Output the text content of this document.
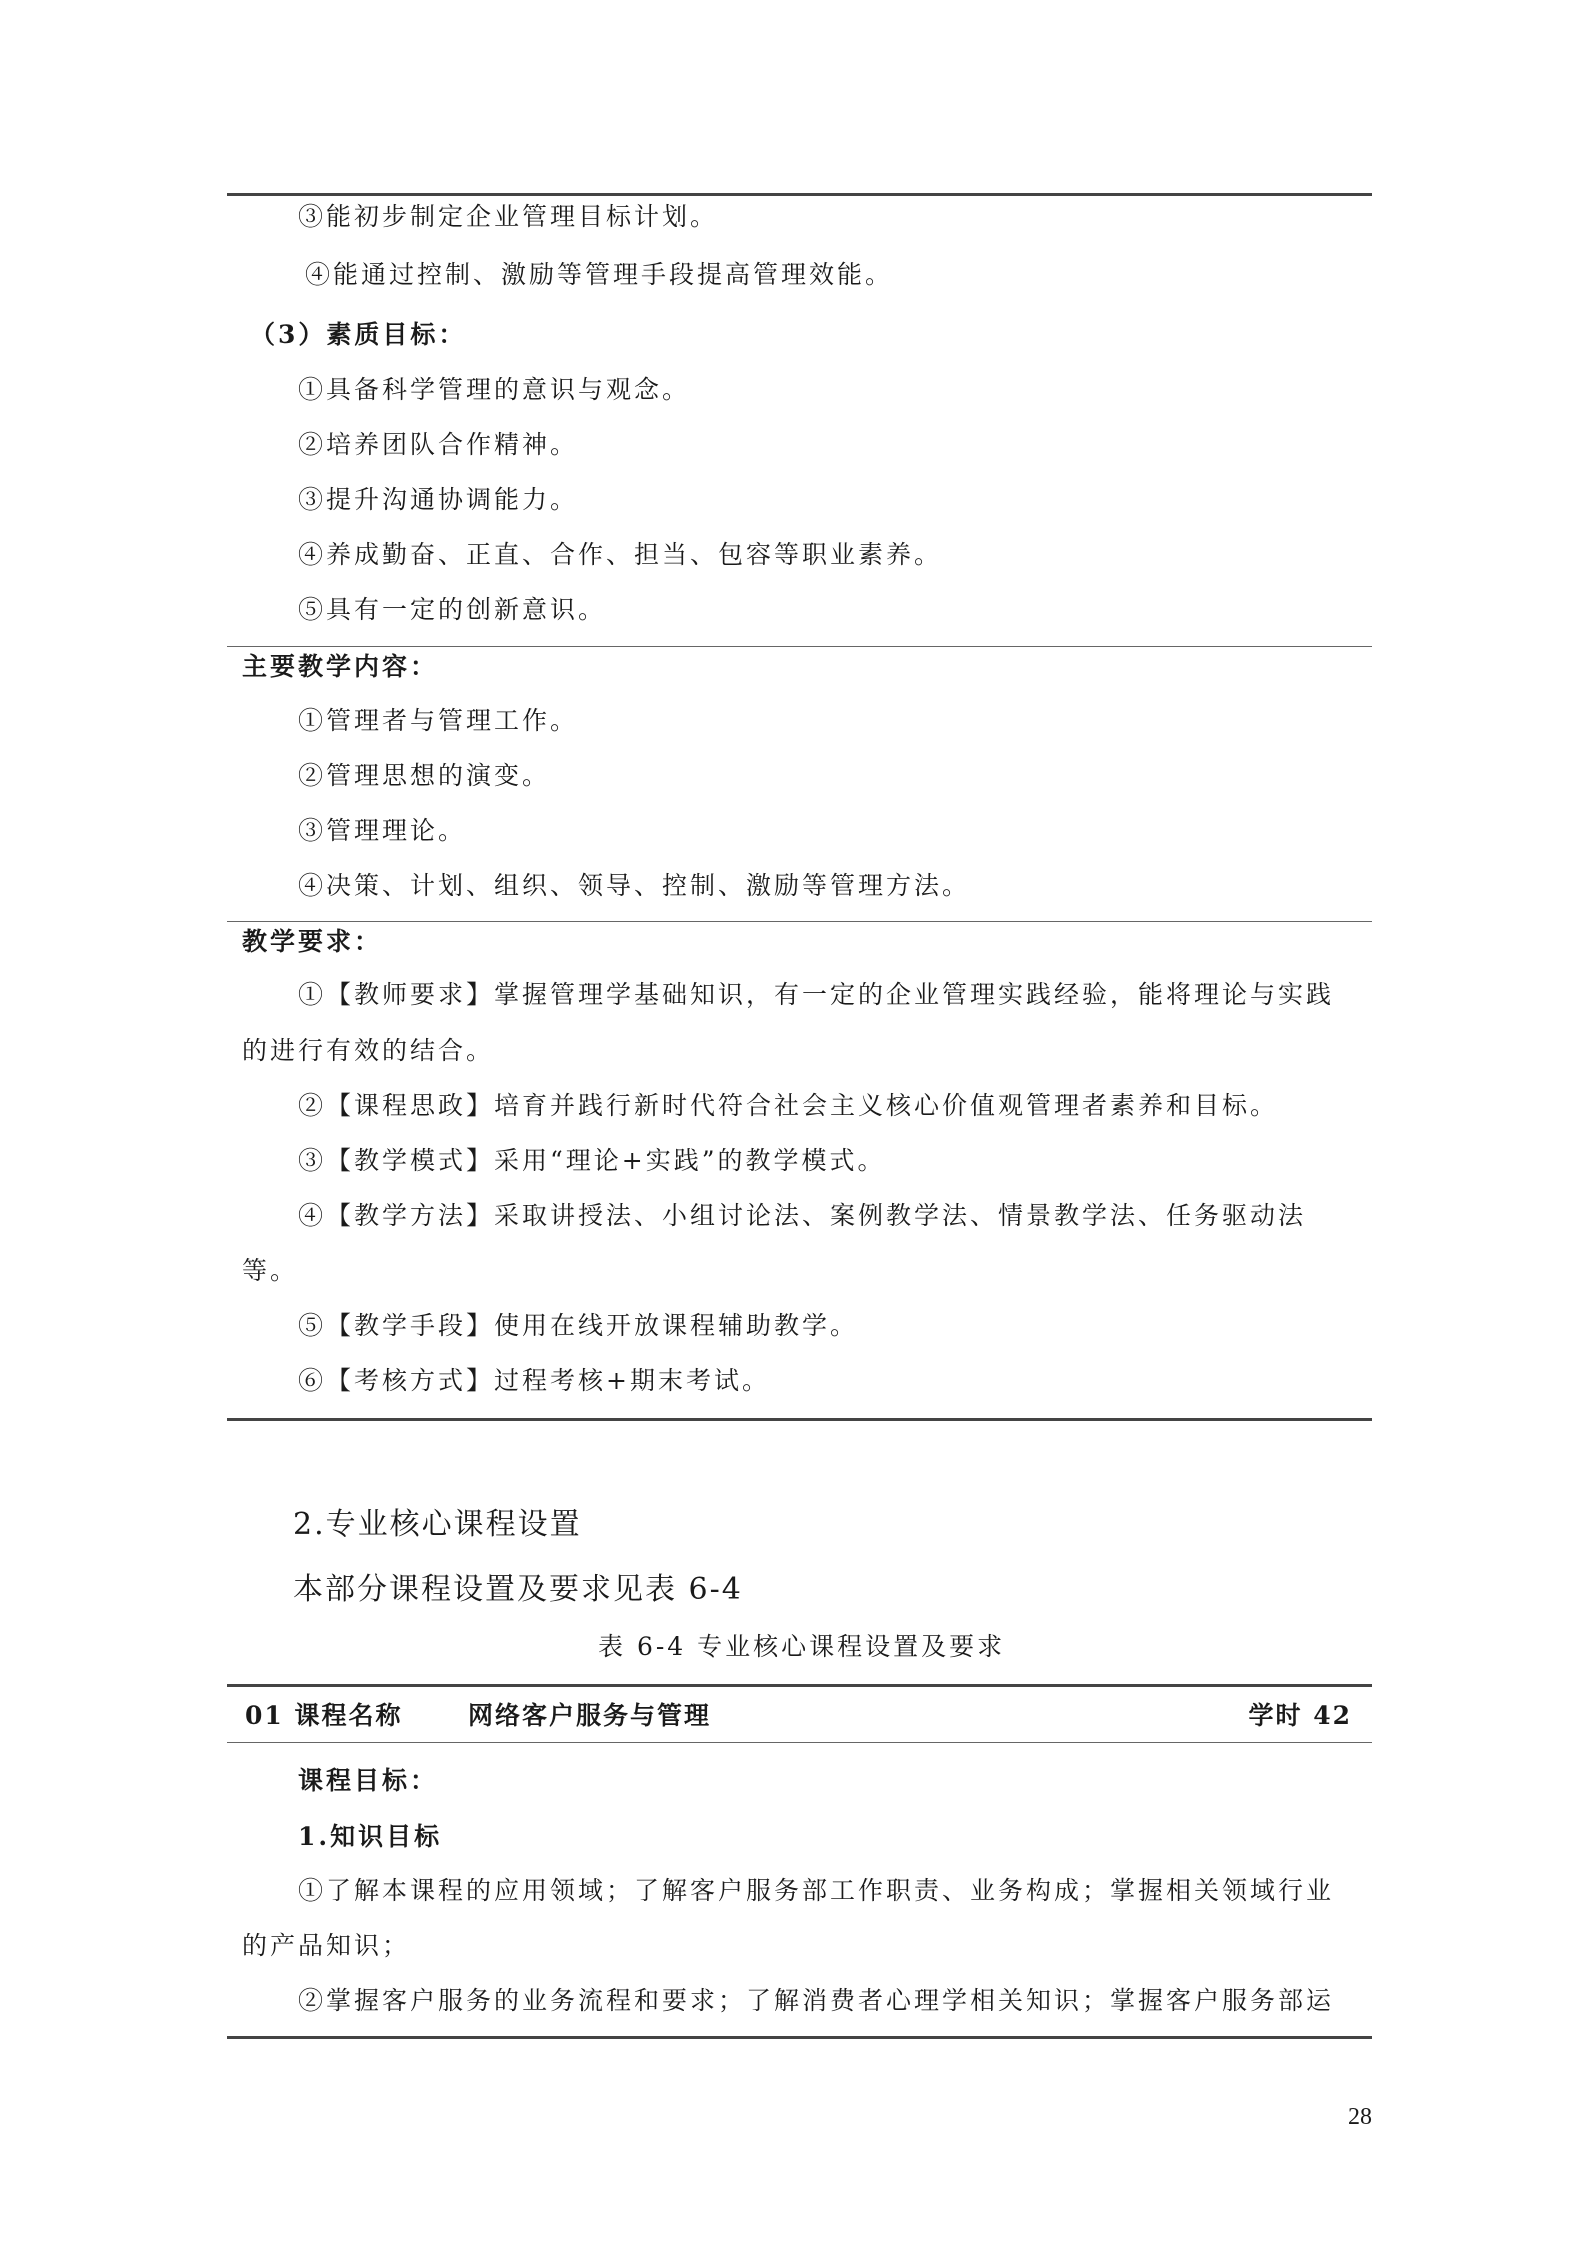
③能初步制定企业管理目标计划。
④能通过控制、激励等管理手段提高管理效能。
（3）素质目标：
①具备科学管理的意识与观念。
②培养团队合作精神。
③提升沟通协调能力。
④养成勤奋、正直、合作、担当、包容等职业素养。
⑤具有一定的创新意识。
主要教学内容：
①管理者与管理工作。
②管理思想的演变。
③管理理论。
④决策、计划、组织、领导、控制、激励等管理方法。
教学要求：
①【教师要求】掌握管理学基础知识，有一定的企业管理实践经验，能将理论与实践
的进行有效的结合。
②【课程思政】培育并践行新时代符合社会主义核心价值观管理者素养和目标。
③【教学模式】采用“理论+实践”的教学模式。
④【教学方法】采取讲授法、小组讨论法、案例教学法、情景教学法、任务驱动法
等。
⑤【教学手段】使用在线开放课程辅助教学。
⑥【考核方式】过程考核+期末考试。
2.专业核心课程设置
本部分课程设置及要求见表 6-4
表 6-4 专业核心课程设置及要求
01 课程名称	网络客户服务与管理	学时 42
课程目标：
1.知识目标
①了解本课程的应用领域；了解客户服务部工作职责、业务构成；掌握相关领域行业
的产品知识；
②掌握客户服务的业务流程和要求；了解消费者心理学相关知识；掌握客户服务部运
28
